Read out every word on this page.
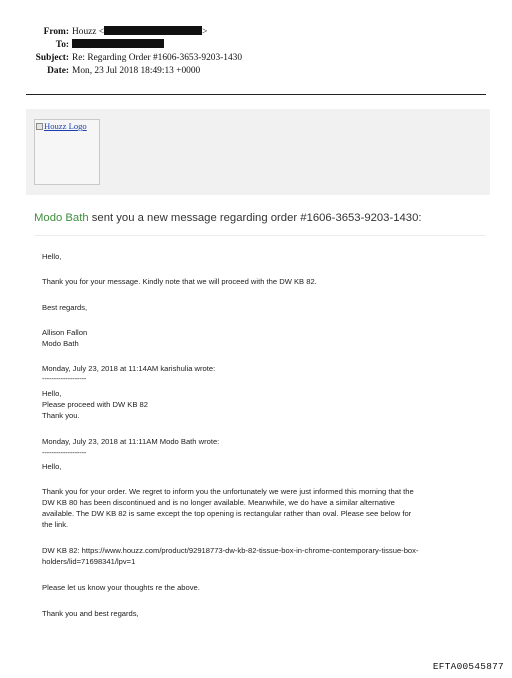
From: Houzz <	>
To:
Subject: Re: Regarding Order #1606-3653-9203-1430
Date: Mon, 23 Jul 2018 18:49:13 +0000
Houzz Logo
Modo Bath sent you a new message regarding order #1606-3653-9203-1430:

Hello,

Thank you for your message. Kindly note that we will proceed with the DW KB 82.

Best regards,

Allison Fallon

Modo Bath

Monday, July 23, 2018 at 11:14AM karishulia wrote:

-------------------

Hello,

Please proceed with DW KB 82

Thank you.

Monday, July 23, 2018 at 11:11AM Modo Bath wrote:

-------------------

Hello,

Thank you for your order. We regret to inform you the unfortunately we were just informed this morning that the

DW KB 80 has been discontinued and is no longer available. Meanwhile, we do have a similar alternative

available. The DW KB 82 is same except the top opening is rectangular rather than oval. Please see below for

the link.

DW KB 82: https://www.houzz.com/product/92918773-dw-kb-82-tissue-box-in-chrome-contemporary-tissue-box-

holders/lid=71698341/lpv=1

Please let us know your thoughts re the above.

Thank you and best regards,

EFTA00545877
